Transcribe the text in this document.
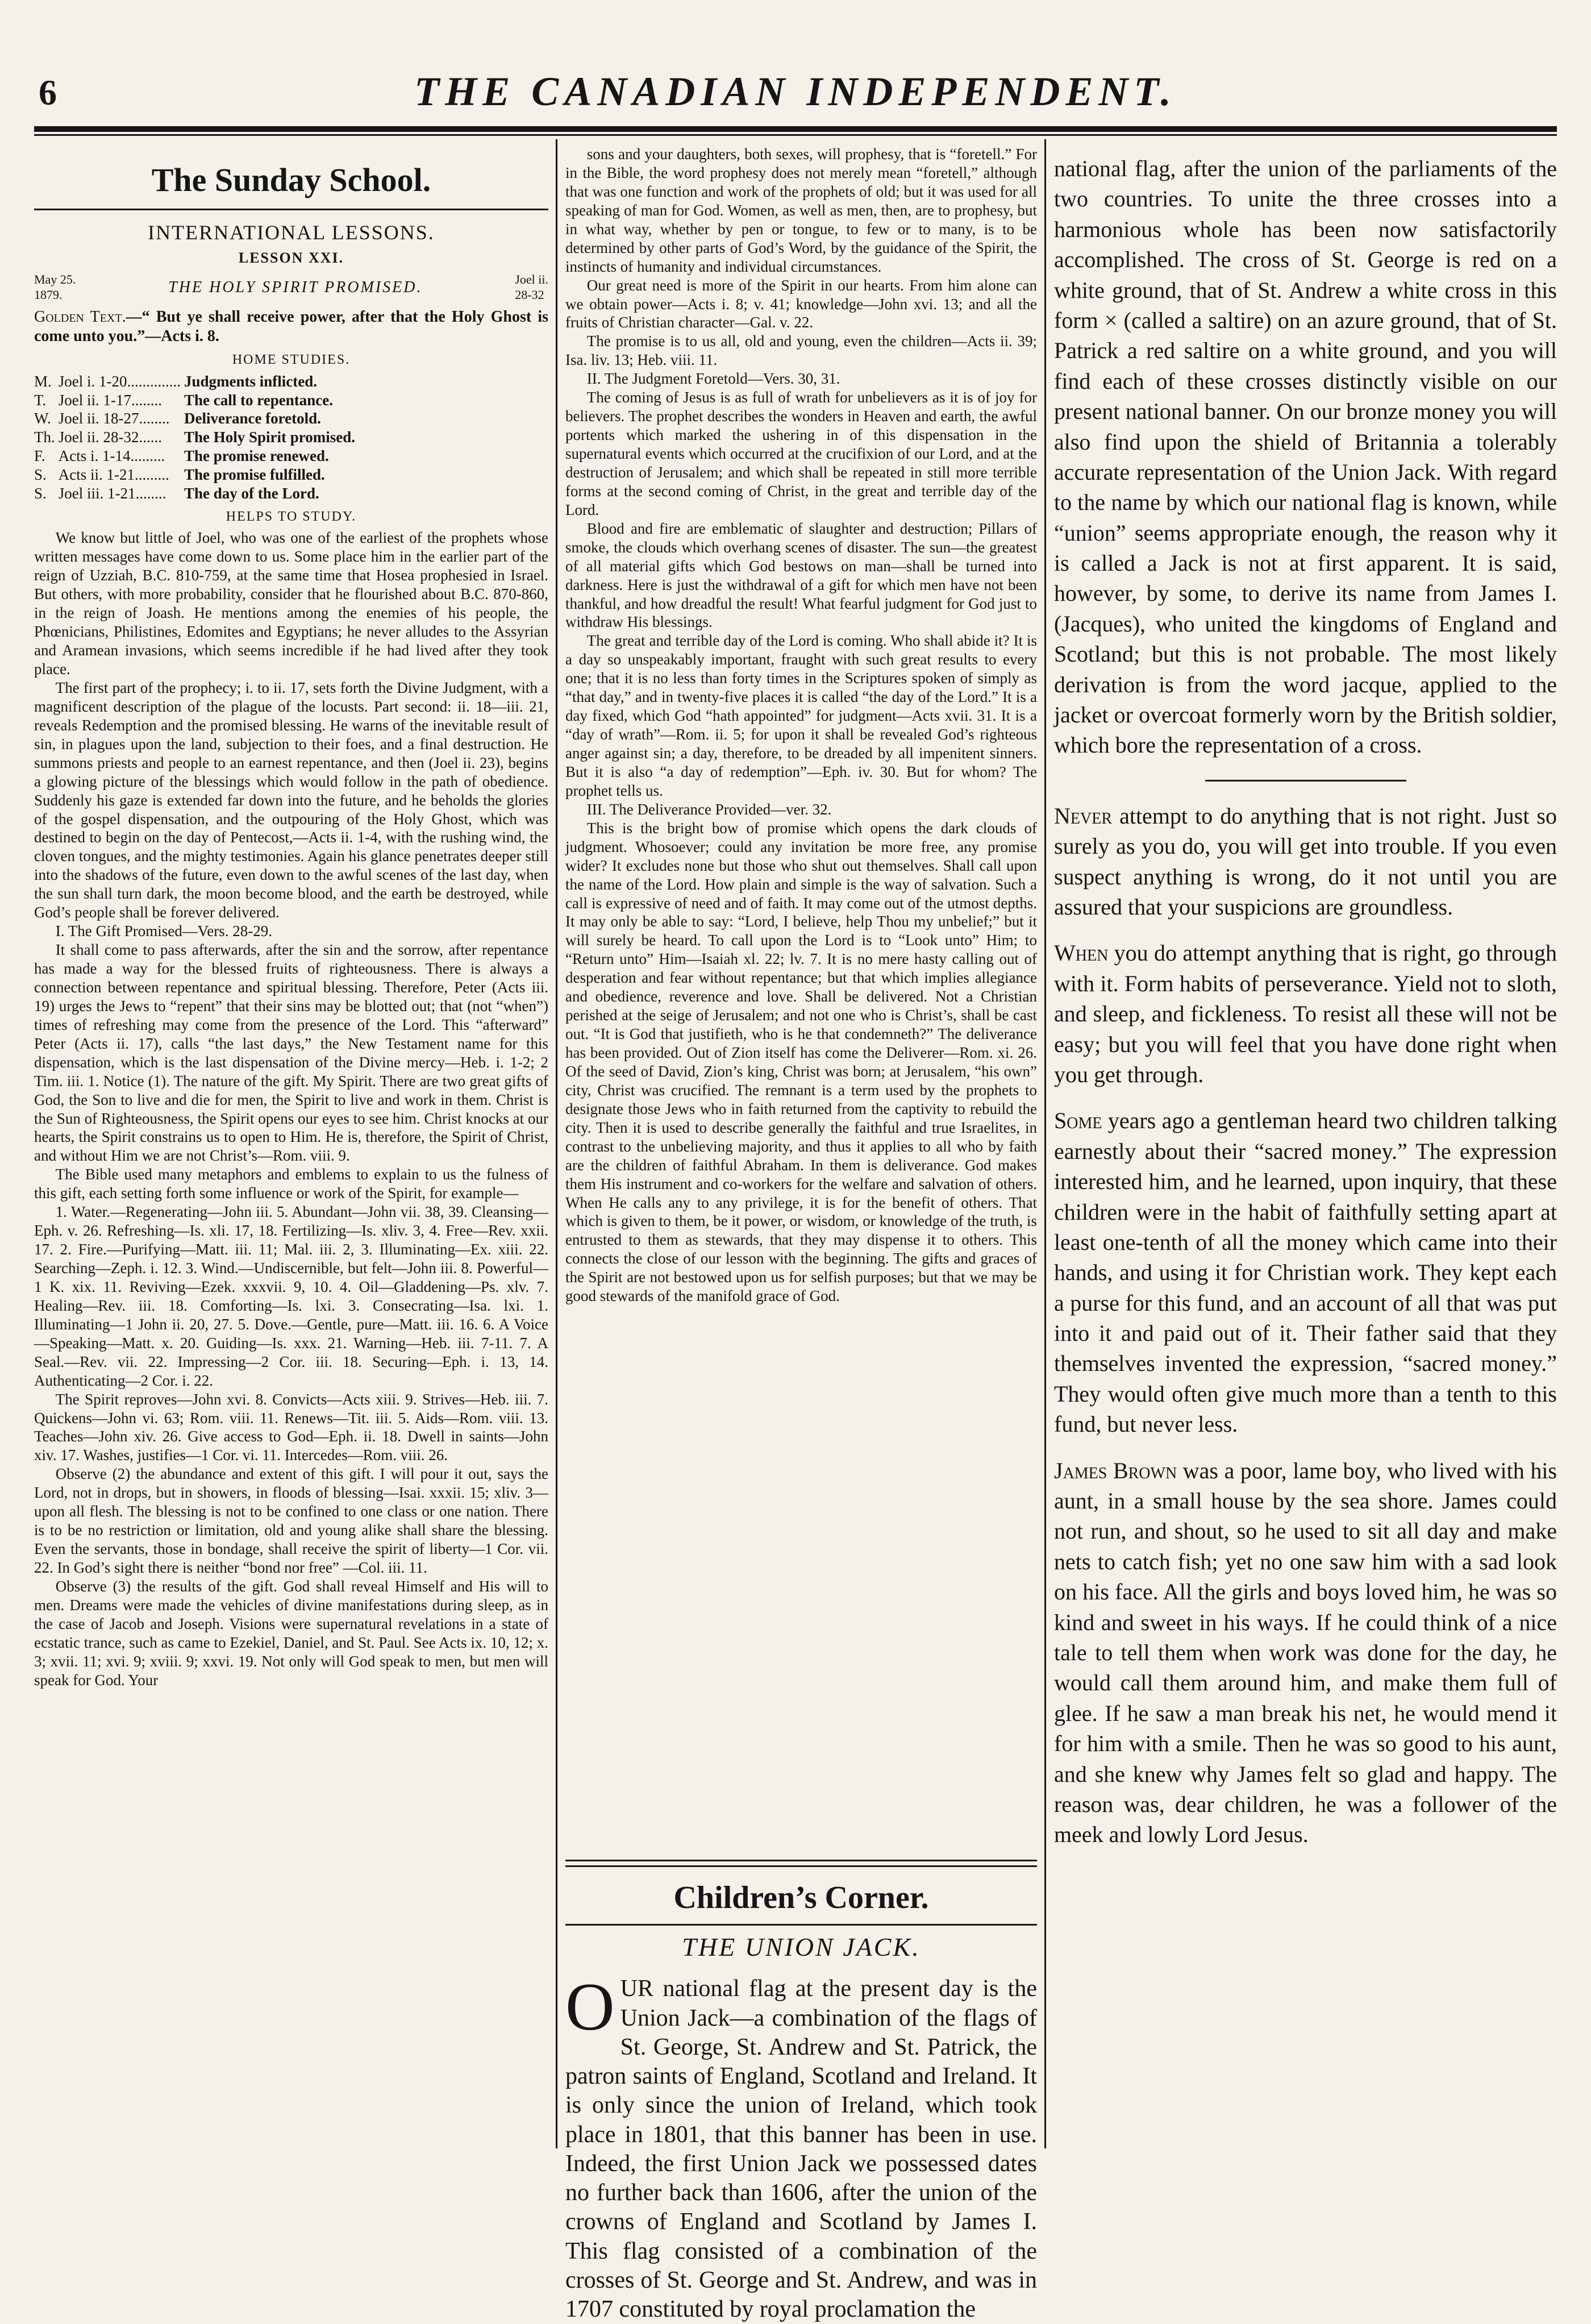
6	THE CANADIAN INDEPENDENT.
The Sunday School.
INTERNATIONAL LESSONS.
LESSON XXI.
May 25.
1879.	THE HOLY SPIRIT PROMISED.	Joel ii.
28-32

Golden Text.—“ But ye shall receive power, after that the Holy Ghost is come unto you.”—Acts i. 8.

HOME STUDIES.
M.	Joel i. 1-20..............	Judgments inflicted.
T.	Joel ii. 1-17........	The call to repentance.
W.	Joel ii. 18-27........	Deliverance foretold.
Th.	Joel ii. 28-32......	The Holy Spirit promised.
F.	Acts i. 1-14.........	The promise renewed.
S.	Acts ii. 1-21.........	The promise fulfilled.
S.	Joel iii. 1-21........	The day of the Lord.
HELPS TO STUDY.

We know but little of Joel, who was one of the earliest of the prophets whose written messages have come down to us. Some place him in the earlier part of the reign of Uzziah, B.C. 810-759, at the same time that Hosea prophesied in Israel. But others, with more probability, consider that he flourished about B.C. 870-860, in the reign of Joash. He mentions among the enemies of his people, the Phœnicians, Philistines, Edomites and Egyptians; he never alludes to the Assyrian and Aramean invasions, which seems incredible if he had lived after they took place.

The first part of the prophecy; i. to ii. 17, sets forth the Divine Judgment, with a magnificent description of the plague of the locusts. Part second: ii. 18—iii. 21, reveals Redemption and the promised blessing. He warns of the inevitable result of sin, in plagues upon the land, subjection to their foes, and a final destruction. He summons priests and people to an earnest repentance, and then (Joel ii. 23), begins a glowing picture of the blessings which would follow in the path of obedience. Suddenly his gaze is extended far down into the future, and he beholds the glories of the gospel dispensation, and the outpouring of the Holy Ghost, which was destined to begin on the day of Pentecost,—Acts ii. 1-4, with the rushing wind, the cloven tongues, and the mighty testimonies. Again his glance penetrates deeper still into the shadows of the future, even down to the awful scenes of the last day, when the sun shall turn dark, the moon become blood, and the earth be destroyed, while God’s people shall be forever delivered.

I. The Gift Promised—Vers. 28-29.

It shall come to pass afterwards, after the sin and the sorrow, after repentance has made a way for the blessed fruits of righteousness. There is always a connection between repentance and spiritual blessing. Therefore, Peter (Acts iii. 19) urges the Jews to “repent” that their sins may be blotted out; that (not “when”) times of refreshing may come from the presence of the Lord. This “afterward” Peter (Acts ii. 17), calls “the last days,” the New Testament name for this dispensation, which is the last dispensation of the Divine mercy—Heb. i. 1-2; 2 Tim. iii. 1. Notice (1). The nature of the gift. My Spirit. There are two great gifts of God, the Son to live and die for men, the Spirit to live and work in them. Christ is the Sun of Righteousness, the Spirit opens our eyes to see him. Christ knocks at our hearts, the Spirit constrains us to open to Him. He is, therefore, the Spirit of Christ, and without Him we are not Christ’s—Rom. viii. 9.

The Bible used many metaphors and emblems to explain to us the fulness of this gift, each setting forth some influence or work of the Spirit, for example—

1. Water.—Regenerating—John iii. 5. Abundant—John vii. 38, 39. Cleansing—Eph. v. 26. Refreshing—Is. xli. 17, 18. Fertilizing—Is. xliv. 3, 4. Free—Rev. xxii. 17. 2. Fire.—Purifying—Matt. iii. 11; Mal. iii. 2, 3. Illuminating—Ex. xiii. 22. Searching—Zeph. i. 12. 3. Wind.—Undiscernible, but felt—John iii. 8. Powerful—1 K. xix. 11. Reviving—Ezek. xxxvii. 9, 10. 4. Oil—Gladdening—Ps. xlv. 7. Healing—Rev. iii. 18. Comforting—Is. lxi. 3. Consecrating—Isa. lxi. 1. Illuminating—1 John ii. 20, 27. 5. Dove.—Gentle, pure—Matt. iii. 16. 6. A Voice—Speaking—Matt. x. 20. Guiding—Is. xxx. 21. Warning—Heb. iii. 7-11. 7. A Seal.—Rev. vii. 22. Impressing—2 Cor. iii. 18. Securing—Eph. i. 13, 14. Authenticating—2 Cor. i. 22.

The Spirit reproves—John xvi. 8. Convicts—Acts xiii. 9. Strives—Heb. iii. 7. Quickens—John vi. 63; Rom. viii. 11. Renews—Tit. iii. 5. Aids—Rom. viii. 13. Teaches—John xiv. 26. Give access to God—Eph. ii. 18. Dwell in saints—John xiv. 17. Washes, justifies—1 Cor. vi. 11. Intercedes—Rom. viii. 26.

Observe (2) the abundance and extent of this gift. I will pour it out, says the Lord, not in drops, but in showers, in floods of blessing—Isai. xxxii. 15; xliv. 3—upon all flesh. The blessing is not to be confined to one class or one nation. There is to be no restriction or limitation, old and young alike shall share the blessing. Even the servants, those in bondage, shall receive the spirit of liberty—1 Cor. vii. 22. In God’s sight there is neither “bond nor free” —Col. iii. 11.

Observe (3) the results of the gift. God shall reveal Himself and His will to men. Dreams were made the vehicles of divine manifestations during sleep, as in the case of Jacob and Joseph. Visions were supernatural revelations in a state of ecstatic trance, such as came to Ezekiel, Daniel, and St. Paul. See Acts ix. 10, 12; x. 3; xvii. 11; xvi. 9; xviii. 9; xxvi. 19. Not only will God speak to men, but men will speak for God. Your

sons and your daughters, both sexes, will prophesy, that is “foretell.” For in the Bible, the word prophesy does not merely mean “foretell,” although that was one function and work of the prophets of old; but it was used for all speaking of man for God. Women, as well as men, then, are to prophesy, but in what way, whether by pen or tongue, to few or to many, is to be determined by other parts of God’s Word, by the guidance of the Spirit, the instincts of humanity and individual circumstances.

Our great need is more of the Spirit in our hearts. From him alone can we obtain power—Acts i. 8; v. 41; knowledge—John xvi. 13; and all the fruits of Christian character—Gal. v. 22.

The promise is to us all, old and young, even the children—Acts ii. 39; Isa. liv. 13; Heb. viii. 11.

II. The Judgment Foretold—Vers. 30, 31.

The coming of Jesus is as full of wrath for unbelievers as it is of joy for believers. The prophet describes the wonders in Heaven and earth, the awful portents which marked the ushering in of this dispensation in the supernatural events which occurred at the crucifixion of our Lord, and at the destruction of Jerusalem; and which shall be repeated in still more terrible forms at the second coming of Christ, in the great and terrible day of the Lord.

Blood and fire are emblematic of slaughter and destruction; Pillars of smoke, the clouds which overhang scenes of disaster. The sun—the greatest of all material gifts which God bestows on man—shall be turned into darkness. Here is just the withdrawal of a gift for which men have not been thankful, and how dreadful the result! What fearful judgment for God just to withdraw His blessings.

The great and terrible day of the Lord is coming. Who shall abide it? It is a day so unspeakably important, fraught with such great results to every one; that it is no less than forty times in the Scriptures spoken of simply as “that day,” and in twenty-five places it is called “the day of the Lord.” It is a day fixed, which God “hath appointed” for judgment—Acts xvii. 31. It is a “day of wrath”—Rom. ii. 5; for upon it shall be revealed God’s righteous anger against sin; a day, therefore, to be dreaded by all impenitent sinners. But it is also “a day of redemption”—Eph. iv. 30. But for whom? The prophet tells us.

III. The Deliverance Provided—ver. 32.

This is the bright bow of promise which opens the dark clouds of judgment. Whosoever; could any invitation be more free, any promise wider? It excludes none but those who shut out themselves. Shall call upon the name of the Lord. How plain and simple is the way of salvation. Such a call is expressive of need and of faith. It may come out of the utmost depths. It may only be able to say: “Lord, I believe, help Thou my unbelief;” but it will surely be heard. To call upon the Lord is to “Look unto” Him; to “Return unto” Him—Isaiah xl. 22; lv. 7. It is no mere hasty calling out of desperation and fear without repentance; but that which implies allegiance and obedience, reverence and love. Shall be delivered. Not a Christian perished at the seige of Jerusalem; and not one who is Christ’s, shall be cast out. “It is God that justifieth, who is he that condemneth?” The deliverance has been provided. Out of Zion itself has come the Deliverer—Rom. xi. 26. Of the seed of David, Zion’s king, Christ was born; at Jerusalem, “his own” city, Christ was crucified. The remnant is a term used by the prophets to designate those Jews who in faith returned from the captivity to rebuild the city. Then it is used to describe generally the faithful and true Israelites, in contrast to the unbelieving majority, and thus it applies to all who by faith are the children of faithful Abraham. In them is deliverance. God makes them His instrument and co-workers for the welfare and salvation of others. When He calls any to any privilege, it is for the benefit of others. That which is given to them, be it power, or wisdom, or knowledge of the truth, is entrusted to them as stewards, that they may dispense it to others. This connects the close of our lesson with the beginning. The gifts and graces of the Spirit are not bestowed upon us for selfish purposes; but that we may be good stewards of the manifold grace of God.

Children’s Corner.
THE UNION JACK.

OUR national flag at the present day is the Union Jack—a combination of the flags of St. George, St. Andrew and St. Patrick, the patron saints of England, Scotland and Ireland. It is only since the union of Ireland, which took place in 1801, that this banner has been in use. Indeed, the first Union Jack we possessed dates no further back than 1606, after the union of the crowns of England and Scotland by James I. This flag consisted of a combination of the crosses of St. George and St. Andrew, and was in 1707 constituted by royal proclamation the

national flag, after the union of the parliaments of the two countries. To unite the three crosses into a harmonious whole has been now satisfactorily accomplished. The cross of St. George is red on a white ground, that of St. Andrew a white cross in this form × (called a saltire) on an azure ground, that of St. Patrick a red saltire on a white ground, and you will find each of these crosses distinctly visible on our present national banner. On our bronze money you will also find upon the shield of Britannia a tolerably accurate representation of the Union Jack. With regard to the name by which our national flag is known, while “union” seems appropriate enough, the reason why it is called a Jack is not at first apparent. It is said, however, by some, to derive its name from James I. (Jacques), who united the kingdoms of England and Scotland; but this is not probable. The most likely derivation is from the word jacque, applied to the jacket or overcoat formerly worn by the British soldier, which bore the representation of a cross.

Never attempt to do anything that is not right. Just so surely as you do, you will get into trouble. If you even suspect anything is wrong, do it not until you are assured that your suspicions are groundless.

When you do attempt anything that is right, go through with it. Form habits of perseverance. Yield not to sloth, and sleep, and fickleness. To resist all these will not be easy; but you will feel that you have done right when you get through.

Some years ago a gentleman heard two children talking earnestly about their “sacred money.” The expression interested him, and he learned, upon inquiry, that these children were in the habit of faithfully setting apart at least one-tenth of all the money which came into their hands, and using it for Christian work. They kept each a purse for this fund, and an account of all that was put into it and paid out of it. Their father said that they themselves invented the expression, “sacred money.” They would often give much more than a tenth to this fund, but never less.

James Brown was a poor, lame boy, who lived with his aunt, in a small house by the sea shore. James could not run, and shout, so he used to sit all day and make nets to catch fish; yet no one saw him with a sad look on his face. All the girls and boys loved him, he was so kind and sweet in his ways. If he could think of a nice tale to tell them when work was done for the day, he would call them around him, and make them full of glee. If he saw a man break his net, he would mend it for him with a smile. Then he was so good to his aunt, and she knew why James felt so glad and happy. The reason was, dear children, he was a follower of the meek and lowly Lord Jesus.
